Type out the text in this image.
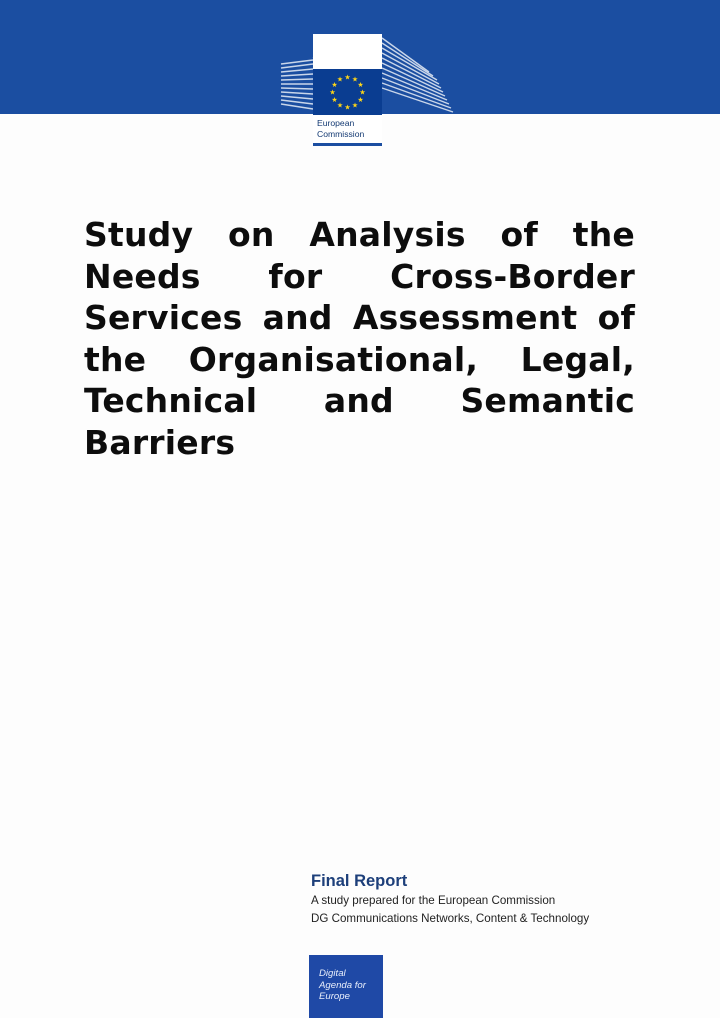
★ ★
★
★
★
★
★
★
★
★
★
★
European
Commission
Study on Analysis of the Needs for Cross-Border Services and Assessment of the Organisational, Legal, Technical and Semantic Barriers
Final Report
A study prepared for the European Commission
DG Communications Networks, Content & Technology
Digital
Agenda for
Europe
